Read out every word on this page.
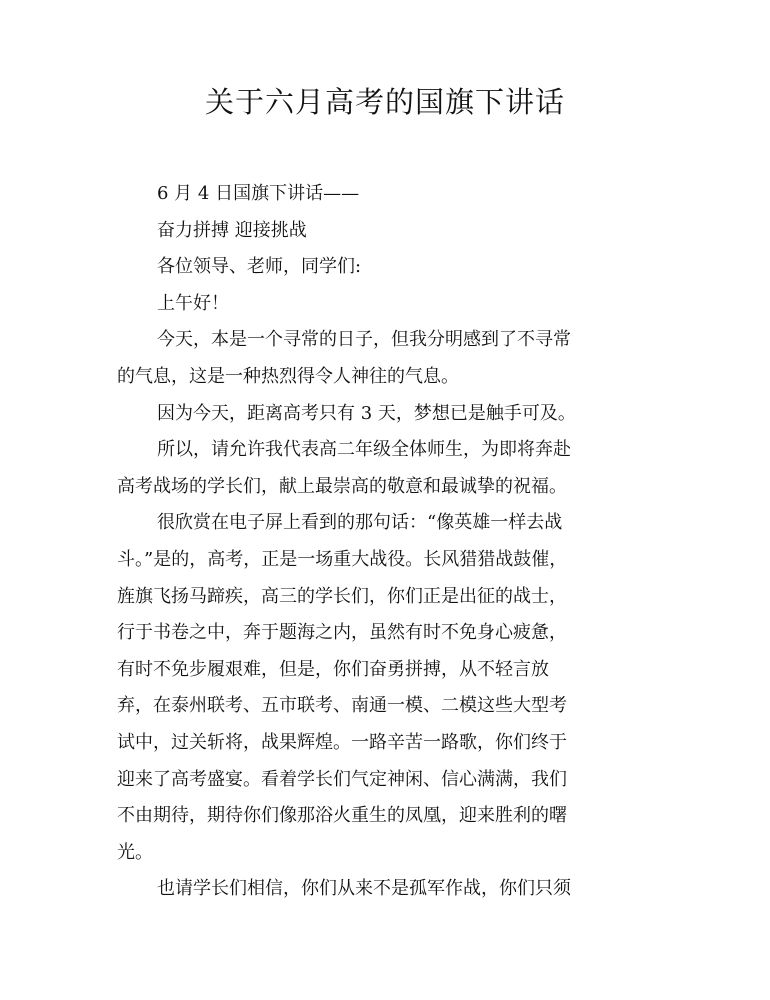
关于六月高考的国旗下讲话
6 月 4 日国旗下讲话——
奋力拼搏 迎接挑战
各位领导、老师，同学们:
上午好！
今天，本是一个寻常的日子，但我分明感到了不寻常
的气息，这是一种热烈得令人神往的气息。
因为今天，距离高考只有 3 天，梦想已是触手可及。
所以，请允许我代表高二年级全体师生，为即将奔赴
高考战场的学长们，献上最崇高的敬意和最诚挚的祝福。
很欣赏在电子屏上看到的那句话：“像英雄一样去战
斗。”是的，高考，正是一场重大战役。长风猎猎战鼓催，
旌旗飞扬马蹄疾，高三的学长们，你们正是出征的战士，
行于书卷之中，奔于题海之内，虽然有时不免身心疲惫，
有时不免步履艰难，但是，你们奋勇拼搏，从不轻言放
弃，在泰州联考、五市联考、南通一模、二模这些大型考
试中，过关斩将，战果辉煌。一路辛苦一路歌，你们终于
迎来了高考盛宴。看着学长们气定神闲、信心满满，我们
不由期待，期待你们像那浴火重生的凤凰，迎来胜利的曙
光。
也请学长们相信，你们从来不是孤军作战，你们只须
